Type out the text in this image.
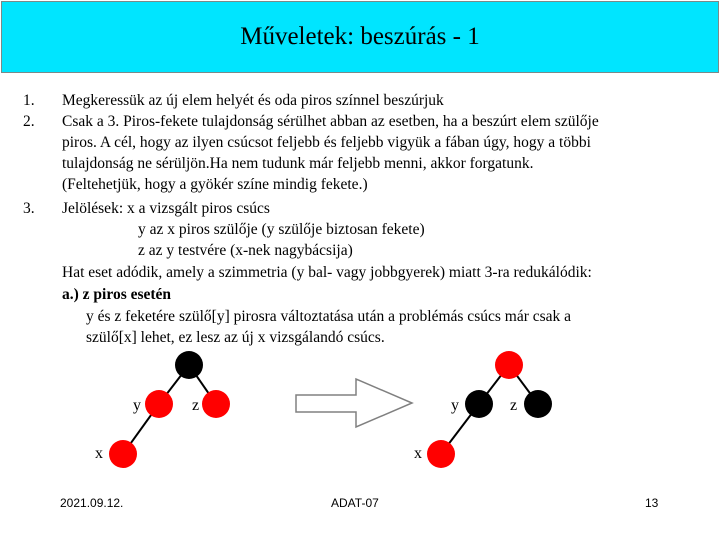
Műveletek: beszúrás - 1
1. Megkeressük az új elem helyét és oda piros színnel beszúrjuk
2. Csak a 3. Piros-fekete tulajdonság sérülhet abban az esetben, ha a beszúrt elem szülője
piros. A cél, hogy az ilyen csúcsot feljebb és feljebb vigyük a fában úgy, hogy a többi
tulajdonság ne sérüljön.Ha nem tudunk már feljebb menni, akkor forgatunk.
(Feltehetjük, hogy a gyökér színe mindig fekete.)
3. Jelölések: x a vizsgált piros csúcs
y az x piros szülője (y szülője biztosan fekete)
z az y testvére (x-nek nagybácsija)
Hat eset adódik, amely a szimmetria (y bal- vagy jobbgyerek) miatt 3-ra redukálódik:
a.) z piros esetén
y és z feketére szülő[y] pirosra változtatása után a problémás csúcs már csak a
szülő[x] lehet, ez lesz az új x vizsgálandó csúcs.
y	z
x
y	z
x
2021.09.12.	ADAT-07	13
